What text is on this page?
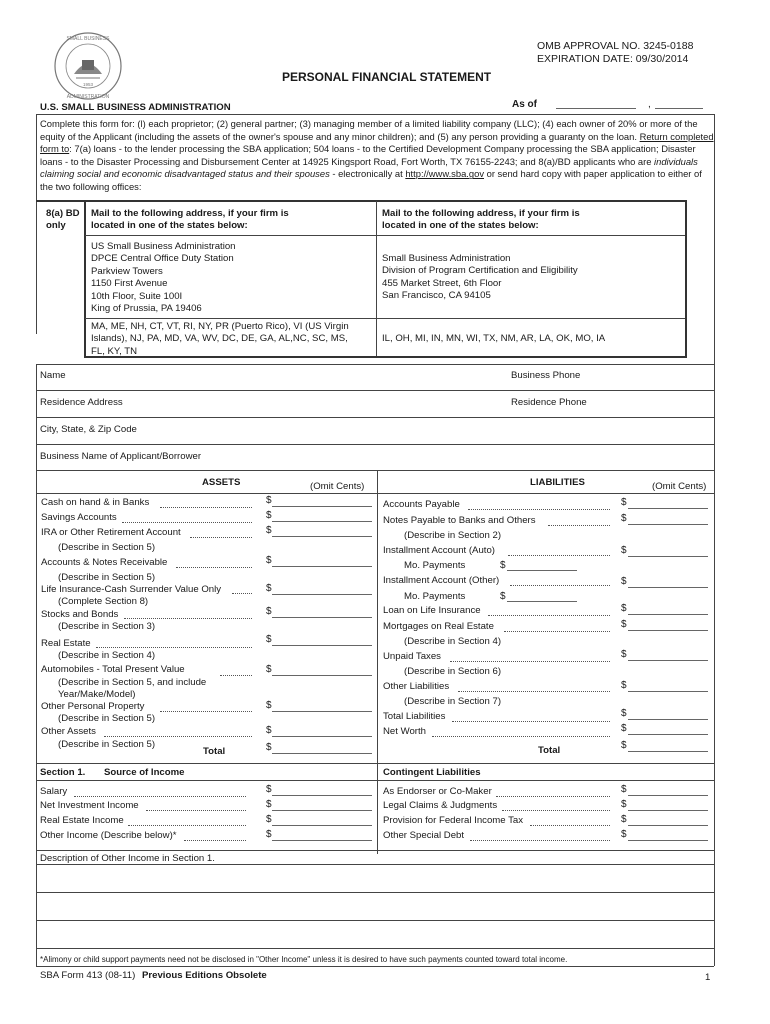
SMALL BUSINESS
ADMINISTRATION
1953
OMB APPROVAL NO. 3245-0188
EXPIRATION DATE: 09/30/2014
PERSONAL FINANCIAL STATEMENT
U.S. SMALL BUSINESS ADMINISTRATION	As of	,
Complete this form for: (l) each proprietor; (2) general partner; (3) managing member of a limited liability company (LLC); (4) each owner of 20% or more of the equity of the Applicant (including the assets of the owner's spouse and any minor children); and (5) any person providing a guaranty on the loan. Return completed form to: 7(a) loans - to the lender processing the SBA application; 504 loans - to the Certified Development Company processing the SBA application; Disaster loans - to the Disaster Processing and Disbursement Center at 14925 Kingsport Road, Fort Worth, TX 76155-2243; and 8(a)/BD applicants who are individuals claiming social and economic disadvantaged status and their spouses - electronically at http://www.sba.gov or send hard copy with paper application to either of the two following offices:
8(a) BD
only
Mail to the following address, if your firm is
located in one of the states below:
Mail to the following address, if your firm is
located in one of the states below:
US Small Business Administration
DPCE Central Office Duty Station
Parkview Towers
1150 First Avenue
10th Floor, Suite 100I
King of Prussia, PA 19406
Small Business Administration
Division of Program Certification and Eligibility
455 Market Street, 6th Floor
San Francisco, CA 94105
MA, ME, NH, CT, VT, RI, NY, PR (Puerto Rico), VI (US Virgin
Islands), NJ, PA, MD, VA, WV, DC, DE, GA, AL,NC, SC, MS,
FL, KY, TN
IL, OH, MI, IN, MN, WI, TX, NM, AR, LA, OK, MO, IA
Name	Business Phone
Residence Address	Residence Phone
City, State, & Zip Code
Business Name of Applicant/Borrower
ASSETS	(Omit Cents)	LIABILITIES	(Omit Cents)
Cash on hand & in Banks	$
Savings Accounts	$
IRA or Other Retirement Account	$
(Describe in Section 5)
Accounts & Notes Receivable	$
(Describe in Section 5)
Life Insurance-Cash Surrender Value Only	$
(Complete Section 8)
Stocks and Bonds	$
(Describe in Section 3)
Real Estate	$
(Describe in Section 4)
Automobiles - Total Present Value	$
(Describe in Section 5, and include
Year/Make/Model)
Other Personal Property	$
(Describe in Section 5)
Other Assets	$
(Describe in Section 5)
Total	$
Accounts Payable	$
Notes Payable to Banks and Others	$
(Describe in Section 2)
Installment Account (Auto)	$
Mo. Payments	$
Installment Account (Other)	$
Mo. Payments	$
Loan on Life Insurance	$
Mortgages on Real Estate	$
(Describe in Section 4)
Unpaid Taxes	$
(Describe in Section 6)
Other Liabilities	$
(Describe in Section 7)
Total Liabilities	$
Net Worth	$
Total	$
Section 1. Source of Income	Contingent Liabilities
Salary	$
Net Investment Income	$
Real Estate Income	$
Other Income (Describe below)*	$
As Endorser or Co-Maker	$
Legal Claims & Judgments	$
Provision for Federal Income Tax	$
Other Special Debt	$
Description of Other Income in Section 1.
*Alimony or child support payments need not be disclosed in "Other Income" unless it is desired to have such payments counted toward total income.
SBA Form 413 (08-11) Previous Editions Obsolete	1
